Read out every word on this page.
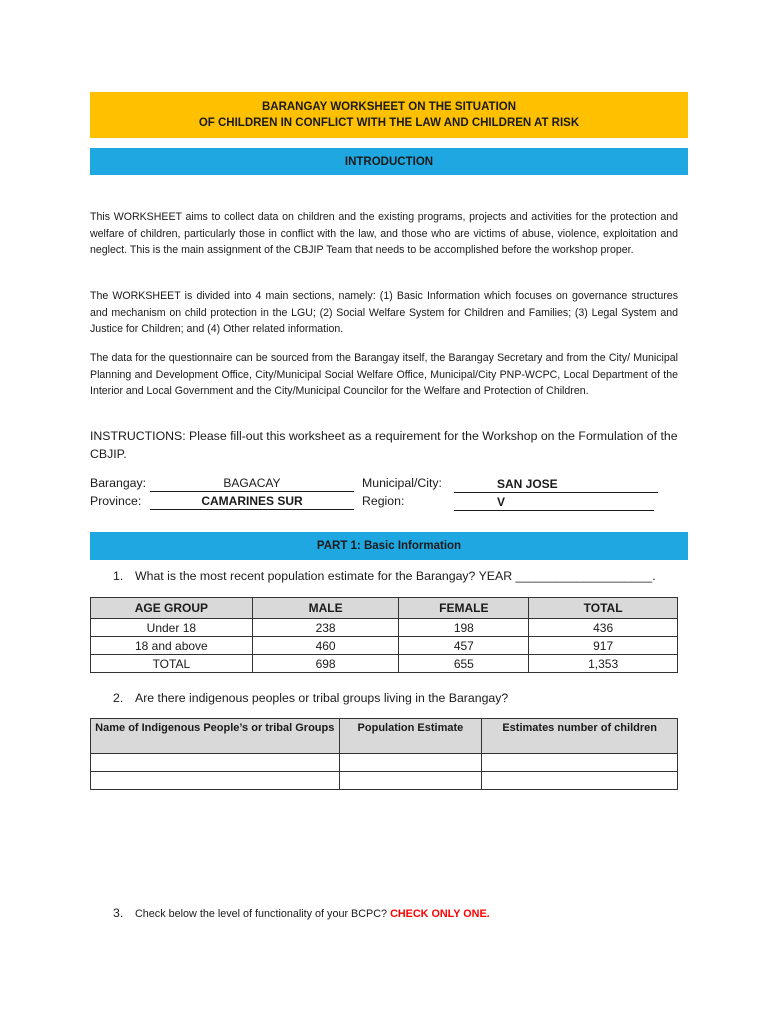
BARANGAY WORKSHEET ON THE SITUATION
OF CHILDREN IN CONFLICT WITH THE LAW AND CHILDREN AT RISK
INTRODUCTION
This WORKSHEET aims to collect data on children and the existing programs, projects and activities for the protection and welfare of children, particularly those in conflict with the law, and those who are victims of abuse, violence, exploitation and neglect. This is the main assignment of the CBJIP Team that needs to be accomplished before the workshop proper.
The WORKSHEET is divided into 4 main sections, namely: (1) Basic Information which focuses on governance structures and mechanism on child protection in the LGU; (2) Social Welfare System for Children and Families; (3) Legal System and Justice for Children; and (4) Other related information.
The data for the questionnaire can be sourced from the Barangay itself, the Barangay Secretary and from the City/ Municipal Planning and Development Office, City/Municipal Social Welfare Office, Municipal/City PNP-WCPC, Local Department of the Interior and Local Government and the City/Municipal Councilor for the Welfare and Protection of Children.
INSTRUCTIONS: Please fill-out this worksheet as a requirement for the Workshop on the Formulation of the CBJIP.
Barangay:	BAGACAY
Province:	CAMARINES SUR
Municipal/City:	SAN JOSE
Region:	V
PART 1: Basic Information
1. What is the most recent population estimate for the Barangay? YEAR ____________________.
AGE GROUP	MALE	FEMALE	TOTAL
Under 18	238	198	436
18 and above	460	457	917
TOTAL	698	655	1,353
2. Are there indigenous peoples or tribal groups living in the Barangay?
Name of Indigenous People’s or tribal Groups	Population Estimate	Estimates number of children

3. Check below the level of functionality of your BCPC? CHECK ONLY ONE.
